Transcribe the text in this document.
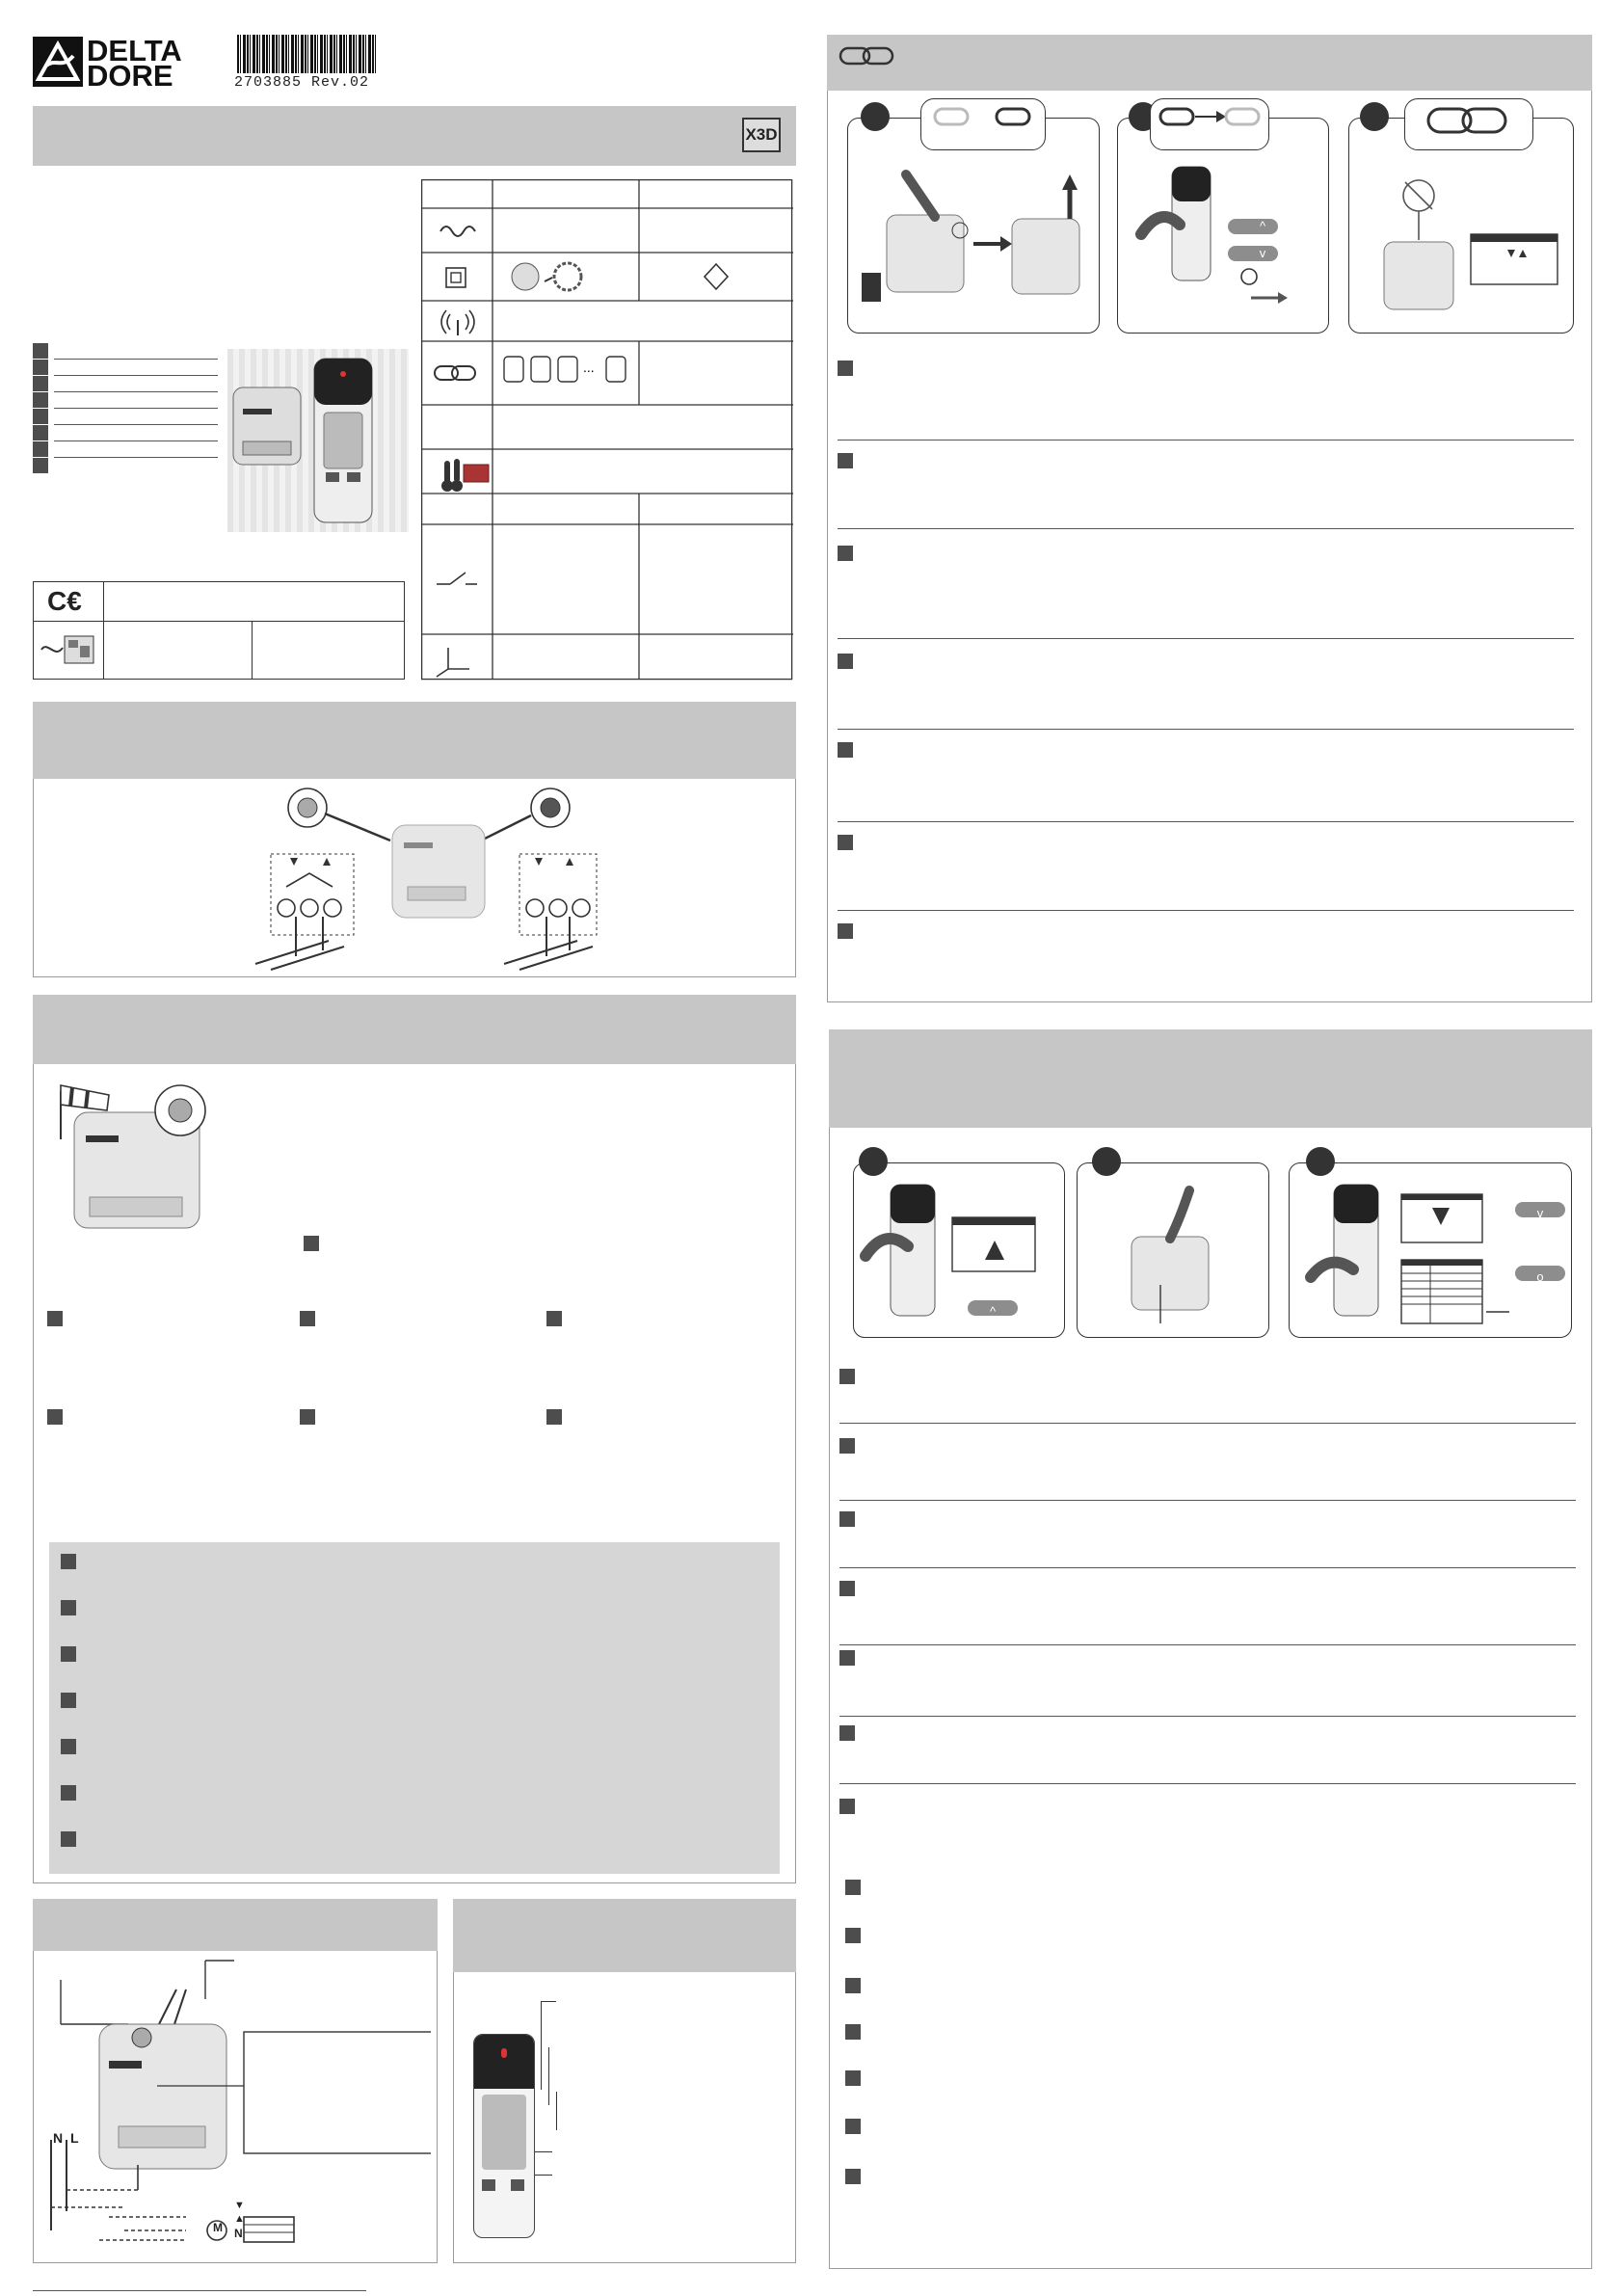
DELTA
DORE	2703885 Rev.02
X3D
C€
...
N L
▼
▲
N
M
^
v
^
v
o
